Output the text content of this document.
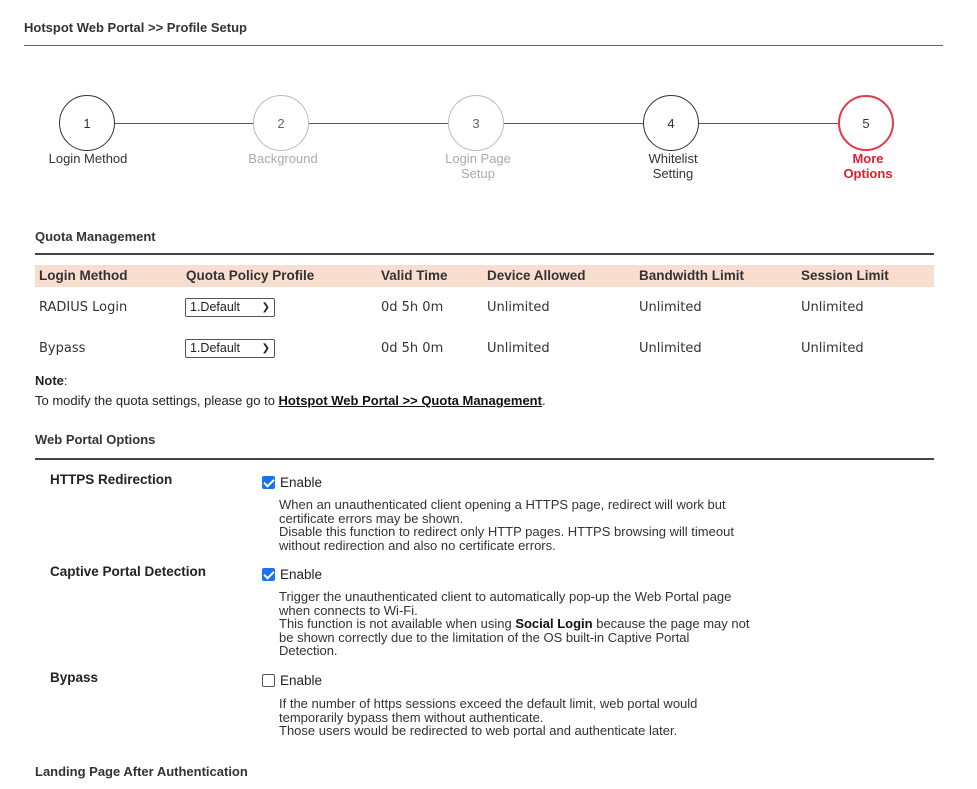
Hotspot Web Portal >> Profile Setup
1	2	3	4	5
Login Method	Background	Login Page
Setup
Whitelist
Setting
More
Options
Quota Management
Login Method	Quota Policy Profile	Valid Time	Device Allowed	Bandwidth Limit	Session Limit
RADIUS Login	1.Default ❯	0d 5h 0m	Unlimited	Unlimited	Unlimited
Bypass	1.Default ❯	0d 5h 0m	Unlimited	Unlimited	Unlimited
Note:
To modify the quota settings, please go to Hotspot Web Portal >> Quota Management.
Web Portal Options
HTTPS Redirection	Enable
When an unauthenticated client opening a HTTPS page, redirect will work but
certificate errors may be shown.
Disable this function to redirect only HTTP pages. HTTPS browsing will timeout
without redirection and also no certificate errors.
Captive Portal Detection	Enable
Trigger the unauthenticated client to automatically pop-up the Web Portal page
when connects to Wi-Fi.
This function is not available when using Social Login because the page may not
be shown correctly due to the limitation of the OS built-in Captive Portal
Detection.
Bypass	Enable
If the number of https sessions exceed the default limit, web portal would
temporarily bypass them without authenticate.
Those users would be redirected to web portal and authenticate later.
Landing Page After Authentication
